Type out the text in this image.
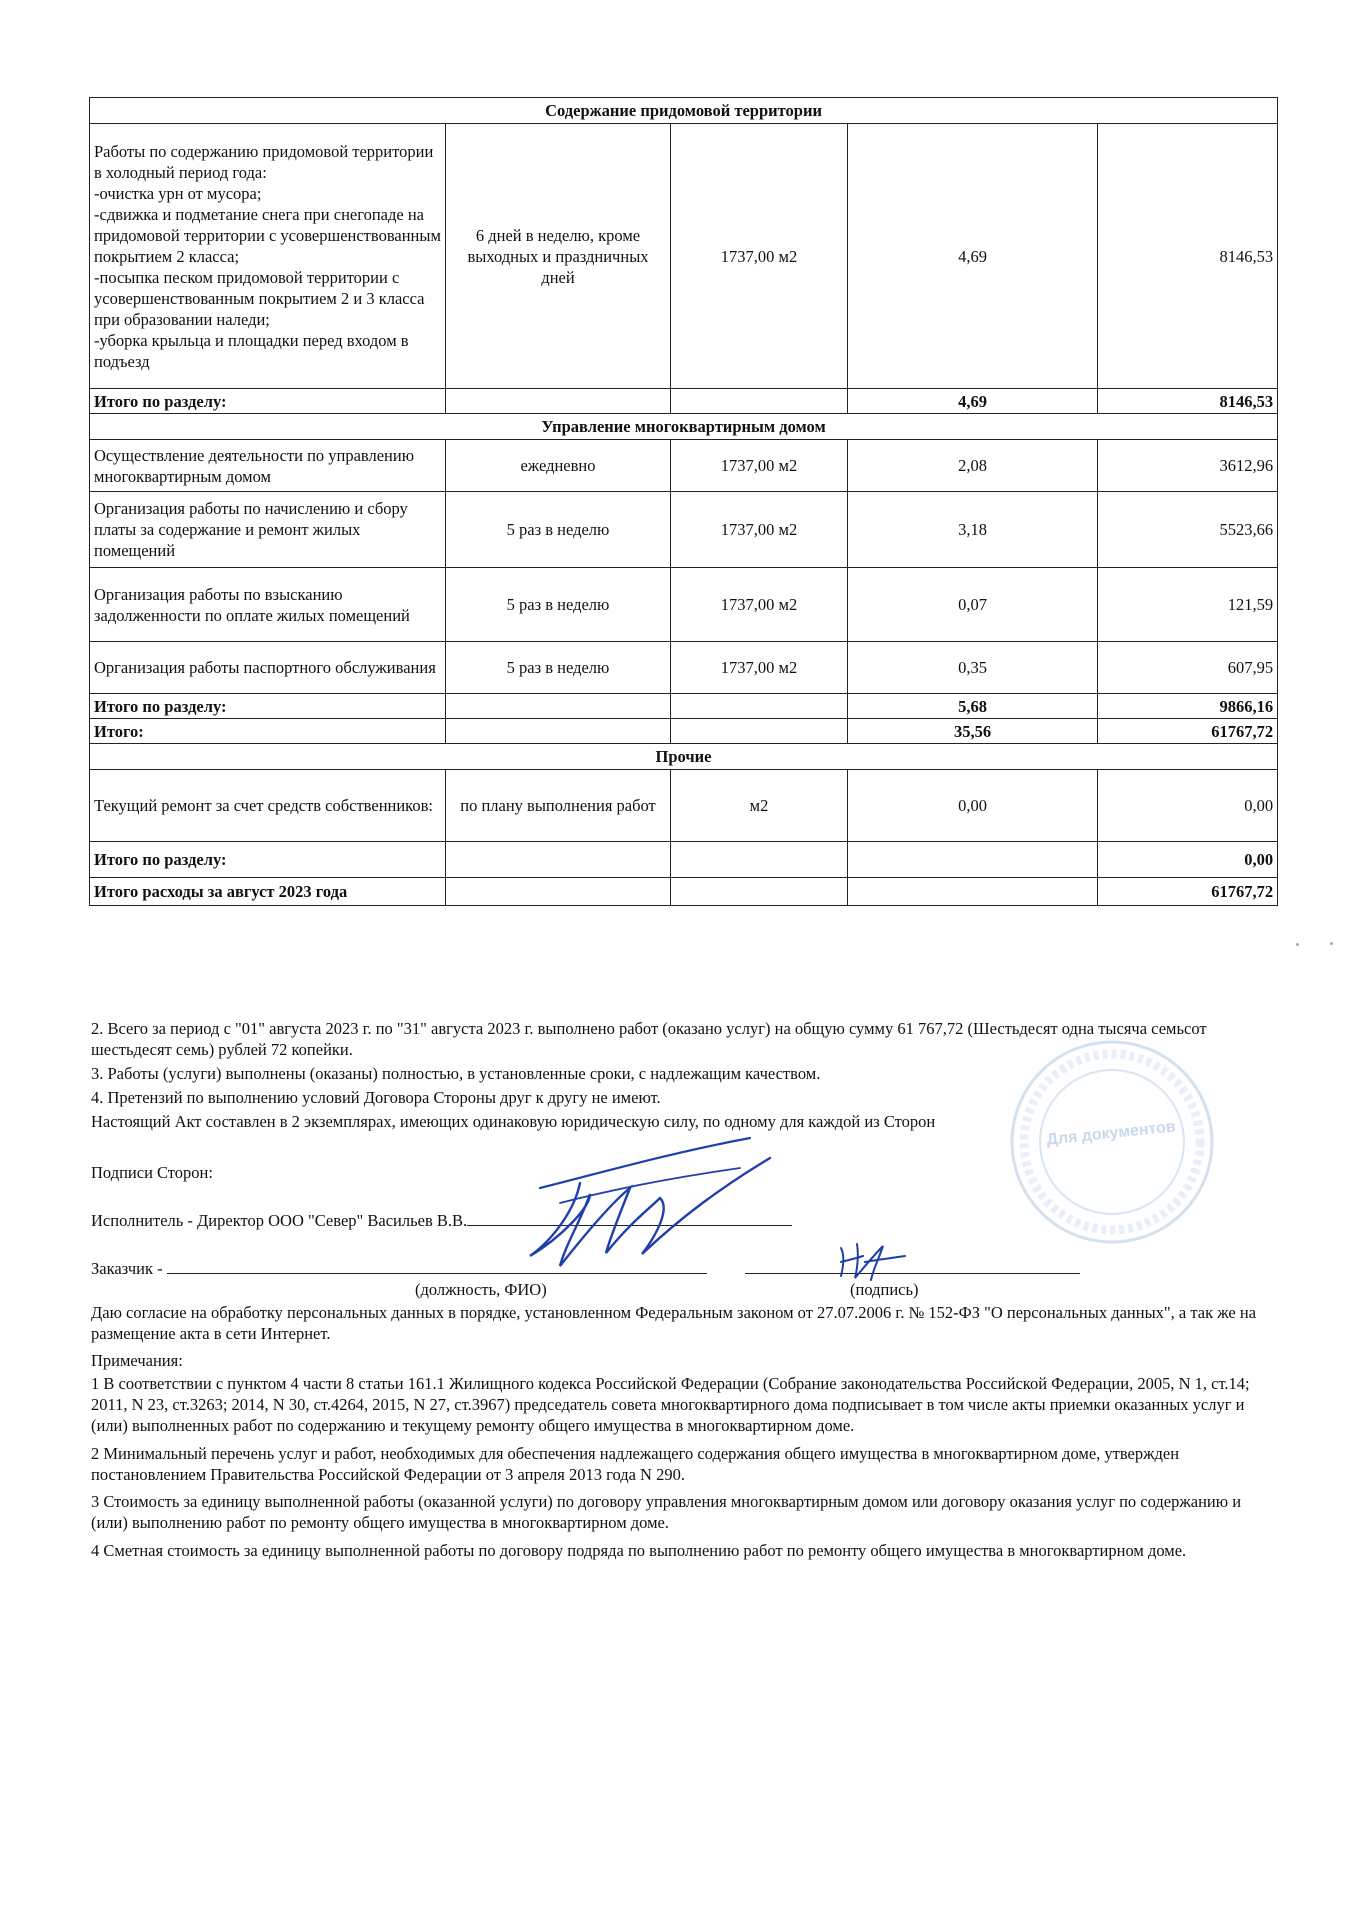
Содержание придомовой территории				
Работы по содержанию придомовой территории в холодный период года:
-очистка урн от мусора;
-сдвижка и подметание снега при снегопаде на придомовой территории с усовершенствованным покрытием 2 класса;
-посыпка песком придомовой территории с усовершенствованным покрытием 2 и 3 класса при образовании наледи;
-уборка крыльца и площадки перед входом в подъезд	6 дней в неделю, кроме выходных и праздничных дней	1737,00 м2	4,69	8146,53
Итого по разделу:			4,69	8146,53
Управление многоквартирным домом				
Осуществление деятельности по управлению многоквартирным домом	ежедневно	1737,00 м2	2,08	3612,96
Организация работы по начислению и сбору платы за содержание и ремонт жилых помещений	5 раз в неделю	1737,00 м2	3,18	5523,66
Организация работы по взысканию задолженности по оплате жилых помещений	5 раз в неделю	1737,00 м2	0,07	121,59
Организация работы паспортного обслуживания	5 раз в неделю	1737,00 м2	0,35	607,95
Итого по разделу:			5,68	9866,16
Итого:			35,56	61767,72
Прочие				
Текущий ремонт за счет средств собственников:	по плану выполнения работ	м2	0,00	0,00
Итого по разделу:				0,00
Итого расходы за август 2023 года				61767,72

2. Всего за период с "01" августа 2023 г. по "31" августа 2023 г. выполнено работ (оказано услуг) на общую сумму 61 767,72 (Шестьдесят одна тысяча семьсот шестьдесят семь) рублей 72 копейки.

3. Работы (услуги) выполнены (оказаны) полностью, в установленные сроки, с надлежащим качеством.

4. Претензий по выполнению условий Договора Стороны друг к другу не имеют.

Настоящий Акт составлен в 2 экземплярах, имеющих одинаковую юридическую силу, по одному для каждой из Сторон

Подписи Сторон:

Исполнитель - Директор ООО "Север" Васильев В.В.

Заказчик -

(должность, ФИО)	(подпись)

Даю согласие на обработку персональных данных в порядке, установленном Федеральным законом от 27.07.2006 г. № 152-ФЗ "О персональных данных", а так же на размещение акта в сети Интернет.

Примечания:

1 В соответствии с пунктом 4 части 8 статьи 161.1 Жилищного кодекса Российской Федерации (Собрание законодательства Российской Федерации, 2005, N 1, ст.14; 2011, N 23, ст.3263; 2014, N 30, ст.4264, 2015, N 27, ст.3967) председатель совета многоквартирного дома подписывает в том числе акты приемки оказанных услуг и (или) выполненных работ по содержанию и текущему ремонту общего имущества в многоквартирном доме.

2 Минимальный перечень услуг и работ, необходимых для обеспечения надлежащего содержания общего имущества в многоквартирном доме, утвержден постановлением Правительства Российской Федерации от 3 апреля 2013 года N 290.

3 Стоимость за единицу выполненной работы (оказанной услуги) по договору управления многоквартирным домом или договору оказания услуг по содержанию и (или) выполнению работ по ремонту общего имущества в многоквартирном доме.

4 Сметная стоимость за единицу выполненной работы по договору подряда по выполнению работ по ремонту общего имущества в многоквартирном доме.

Для документов
